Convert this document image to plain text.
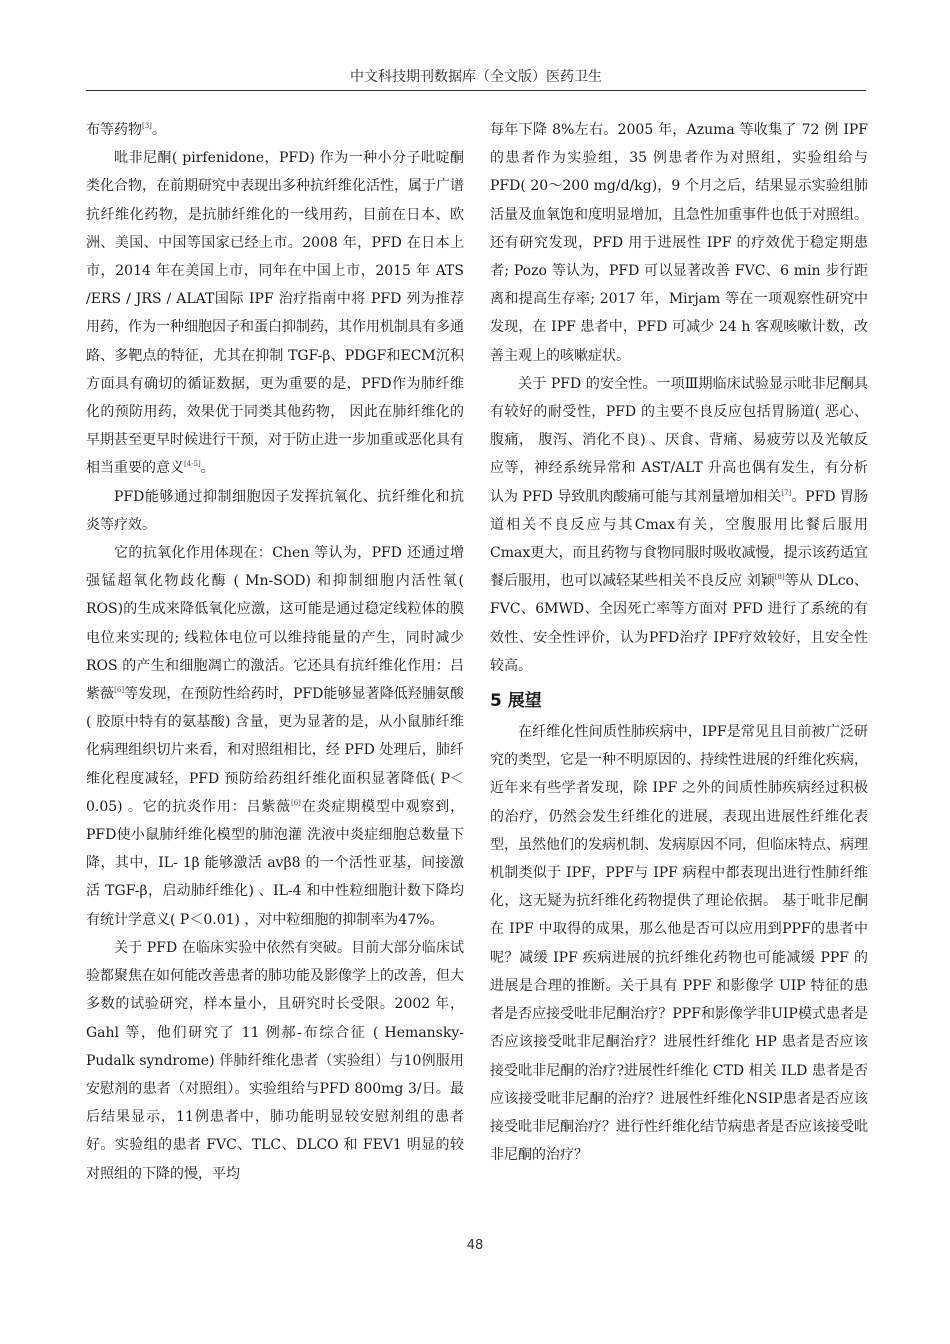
中文科技期刊数据库（全文版）医药卫生

布等药物[3]。

吡非尼酮( pirfenidone，PFD) 作为一种小分子吡啶酮类化合物，在前期研究中表现出多种抗纤维化活性，属于广谱抗纤维化药物，是抗肺纤维化的一线用药，目前在日本、欧洲、美国、中国等国家已经上市。2008 年，PFD 在日本上市，2014 年在美国上市，同年在中国上市，2015 年 ATS /ERS / JRS / ALAT国际 IPF 治疗指南中将 PFD 列为推荐用药，作为一种细胞因子和蛋白抑制药，其作用机制具有多通路、多靶点的特征，尤其在抑制 TGF-β、PDGF和ECM沉积方面具有确切的循证数据，更为重要的是，PFD作为肺纤维化的预防用药，效果优于同类其他药物， 因此在肺纤维化的早期甚至更早时候进行干预，对于防止进一步加重或恶化具有相当重要的意义[4-5]。

PFD能够通过抑制细胞因子发挥抗氧化、抗纤维化和抗炎等疗效。

它的抗氧化作用体现在：Chen 等认为，PFD 还通过增强锰超氧化物歧化酶 ( Mn-SOD) 和抑制细胞内活性氧( ROS)的生成来降低氧化应激，这可能是通过稳定线粒体的膜电位来实现的; 线粒体电位可以维持能量的产生，同时减少ROS 的产生和细胞凋亡的激活。它还具有抗纤维化作用：吕紫薇[6]等发现，在预防性给药时，PFD能够显著降低羟脯氨酸( 胶原中特有的氨基酸) 含量，更为显著的是，从小鼠肺纤维化病理组织切片来看，和对照组相比，经 PFD 处理后，肺纤维化程度减轻，PFD 预防给药组纤维化面积显著降低( P＜0.05) 。它的抗炎作用：吕紫薇[6]在炎症期模型中观察到，PFD使小鼠肺纤维化模型的肺泡灌 洗液中炎症细胞总数量下降，其中，IL- 1β 能够激活 avβ8 的一个活性亚基，间接激活 TGF-β，启动肺纤维化) 、IL-4 和中性粒细胞计数下降均有统计学意义( P＜0.01) ，对中粒细胞的抑制率为47%。

关于 PFD 在临床实验中依然有突破。目前大部分临床试验都聚焦在如何能改善患者的肺功能及影像学上的改善，但大多数的试验研究，样本量小，且研究时长受限。2002 年，Gahl 等，他们研究了 11 例郝-布综合征 ( Hemansky-Pudalk syndrome) 伴肺纤维化患者（实验组）与10例服用安慰剂的患者（对照组）。实验组给与PFD 800mg 3/日。最后结果显示，11例患者中，肺功能明显较安慰剂组的患者好。实验组的患者 FVC、TLC、DLCO 和 FEV1 明显的较对照组的下降的慢，平均

每年下降 8%左右。2005 年，Azuma 等收集了 72 例 IPF的患者作为实验组，35 例患者作为对照组，实验组给与 PFD( 20～200 mg/d/kg)，9 个月之后，结果显示实验组肺活量及血氧饱和度明显增加，且急性加重事件也低于对照组。还有研究发现，PFD 用于进展性 IPF 的疗效优于稳定期患者; Pozo 等认为，PFD 可以显著改善 FVC、6 min 步行距离和提高生存率; 2017 年，Mirjam 等在一项观察性研究中发现，在 IPF 患者中，PFD 可减少 24 h 客观咳嗽计数，改善主观上的咳嗽症状。

关于 PFD 的安全性。一项Ⅲ期临床试验显示吡非尼酮具有较好的耐受性，PFD 的主要不良反应包括胃肠道( 恶心、腹痛， 腹泻、消化不良) 、厌食、背痛、易疲劳以及光敏反应等，神经系统异常和 AST/ALT 升高也偶有发生，有分析认为 PFD 导致肌肉酸痛可能与其剂量增加相关[7]。PFD 胃肠道相关不良反应与其Cmax有关，空腹服用比餐后服用 Cmax更大，而且药物与食物同服时吸收减慢，提示该药适宜餐后服用，也可以减轻某些相关不良反应 刘颖[8]等从 DLco、FVC、6MWD、全因死亡率等方面对 PFD 进行了系统的有效性、安全性评价，认为PFD治疗 IPF疗效较好，且安全性较高。

5 展望

在纤维化性间质性肺疾病中，IPF是常见且目前被广泛研究的类型，它是一种不明原因的、持续性进展的纤维化疾病，近年来有些学者发现，除 IPF 之外的间质性肺疾病经过积极的治疗，仍然会发生纤维化的进展，表现出进展性纤维化表型，虽然他们的发病机制、发病原因不同，但临床特点、病理机制类似于 IPF，PPF与 IPF 病程中都表现出进行性肺纤维化，这无疑为抗纤维化药物提供了理论依据。 基于吡非尼酮在 IPF 中取得的成果，那么他是否可以应用到PPF的患者中呢？减缓 IPF 疾病进展的抗纤维化药物也可能减缓 PPF 的进展是合理的推断。关于具有 PPF 和影像学 UIP 特征的患者是否应接受吡非尼酮治疗？PPF和影像学非UIP模式患者是否应该接受吡非尼酮治疗？进展性纤维化 HP 患者是否应该接受吡非尼酮的治疗?进展性纤维化 CTD 相关 ILD 患者是否应该接受吡非尼酮的治疗？进展性纤维化NSIP患者是否应该接受吡非尼酮治疗？进行性纤维化结节病患者是否应该接受吡非尼酮的治疗？

48
